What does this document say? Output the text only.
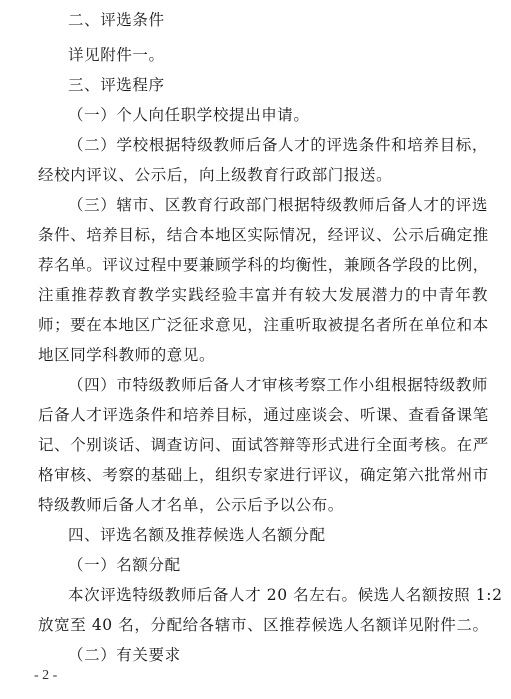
二、评选条件
详见附件一。
三、评选程序
（一）个人向任职学校提出申请。
（二）学校根据特级教师后备人才的评选条件和培养目标，
经校内评议、公示后，向上级教育行政部门报送。
（三）辖市、区教育行政部门根据特级教师后备人才的评选
条件、培养目标，结合本地区实际情况，经评议、公示后确定推
荐名单。评议过程中要兼顾学科的均衡性，兼顾各学段的比例，
注重推荐教育教学实践经验丰富并有较大发展潜力的中青年教
师；要在本地区广泛征求意见，注重听取被提名者所在单位和本
地区同学科教师的意见。
（四）市特级教师后备人才审核考察工作小组根据特级教师
后备人才评选条件和培养目标，通过座谈会、听课、查看备课笔
记、个别谈话、调查访问、面试答辩等形式进行全面考核。在严
格审核、考察的基础上，组织专家进行评议，确定第六批常州市
特级教师后备人才名单，公示后予以公布。
四、评选名额及推荐候选人名额分配
（一）名额分配
本次评选特级教师后备人才 20 名左右。候选人名额按照 1:2
放宽至 40 名，分配给各辖市、区推荐候选人名额详见附件二。
（二）有关要求
- 2 -
